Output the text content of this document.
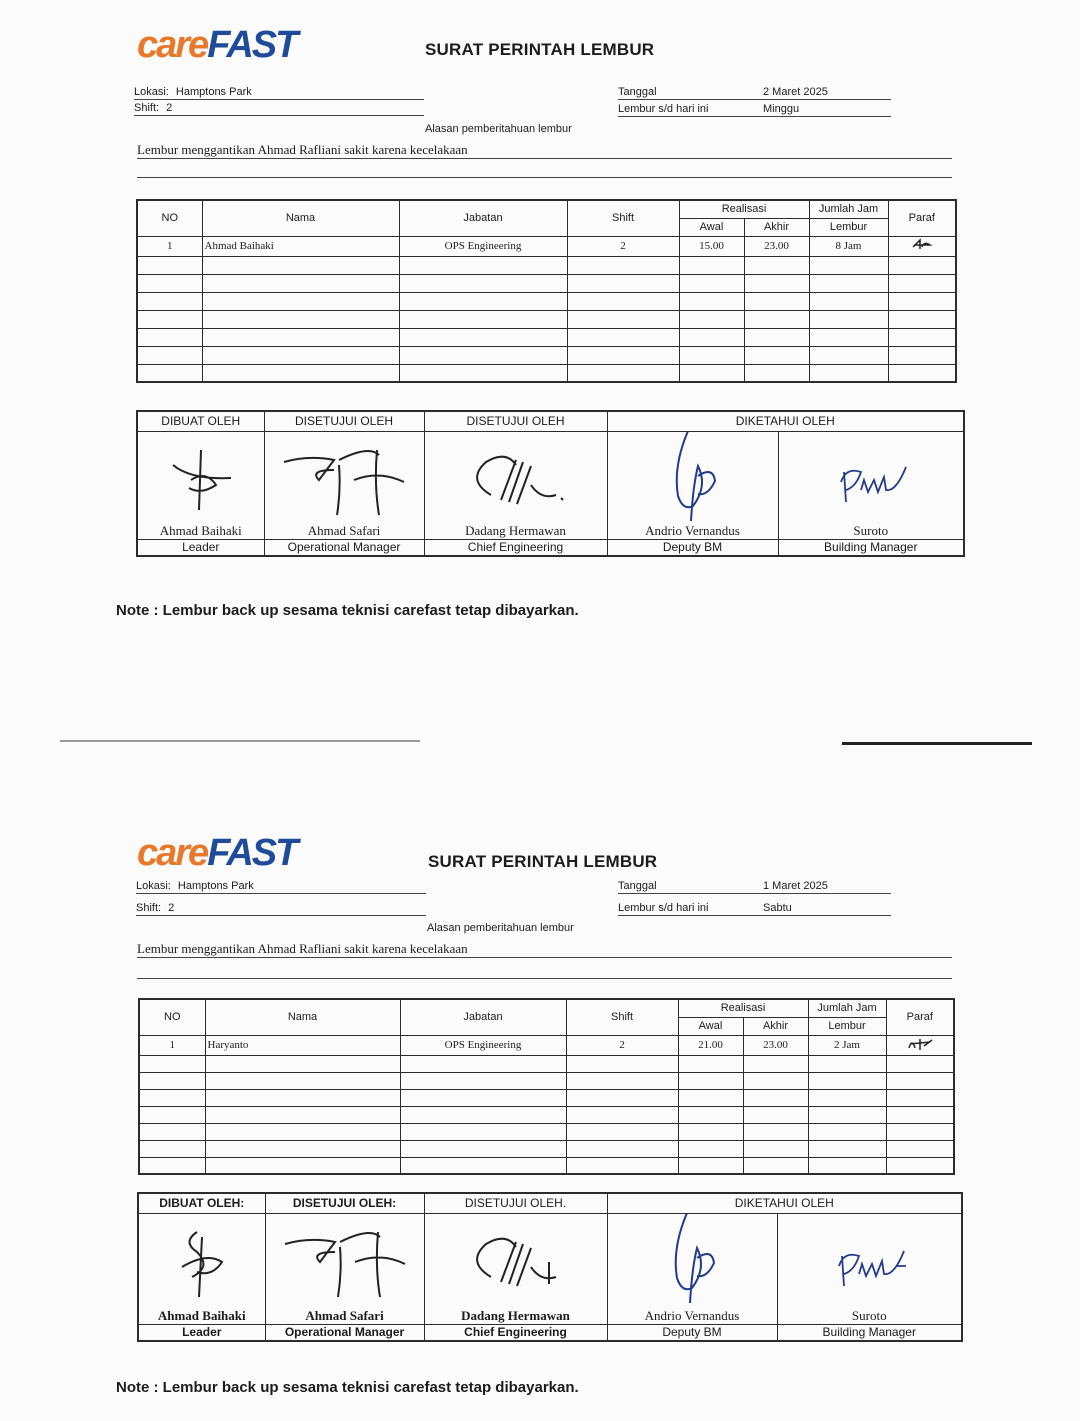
careFAST	SURAT PERINTAH LEMBUR
Lokasi: Hamptons Park
Shift: 2
Tanggal	2 Maret 2025
Lembur s/d hari ini	Minggu
Alasan pemberitahuan lembur
Lembur menggantikan Ahmad Rafliani sakit karena kecelakaan
NO	Nama	Jabatan	Shift	Realisasi		Jumlah Jam	Paraf
				Awal	Akhir	Lembur	
1	Ahmad Baihaki	OPS Engineering	2	15.00	23.00	8 Jam	

DIBUAT OLEH	DISETUJUI OLEH	DISETUJUI OLEH	DIKETAHUI OLEH	

Ahmad Baihaki	Ahmad Safari	Dadang Hermawan	Andrio Vernandus	Suroto

Leader	Operational Manager	Chief Engineering	Deputy BM	Building Manager
Note : Lembur back up sesama teknisi carefast tetap dibayarkan.
careFAST	SURAT PERINTAH LEMBUR
Lokasi: Hamptons Park
Shift: 2
Tanggal	1 Maret 2025
Lembur s/d hari ini	Sabtu
Alasan pemberitahuan lembur
Lembur menggantikan Ahmad Rafliani sakit karena kecelakaan
NO	Nama	Jabatan	Shift	Realisasi		Jumlah Jam	Paraf
				Awal	Akhir	Lembur	
1	Haryanto	OPS Engineering	2	21.00	23.00	2 Jam	

DIBUAT OLEH:	DISETUJUI OLEH:	DISETUJUI OLEH.	DIKETAHUI OLEH	

Ahmad Baihaki	Ahmad Safari	Dadang Hermawan	Andrio Vernandus	Suroto

Leader	Operational Manager	Chief Engineering	Deputy BM	Building Manager
Note : Lembur back up sesama teknisi carefast tetap dibayarkan.
